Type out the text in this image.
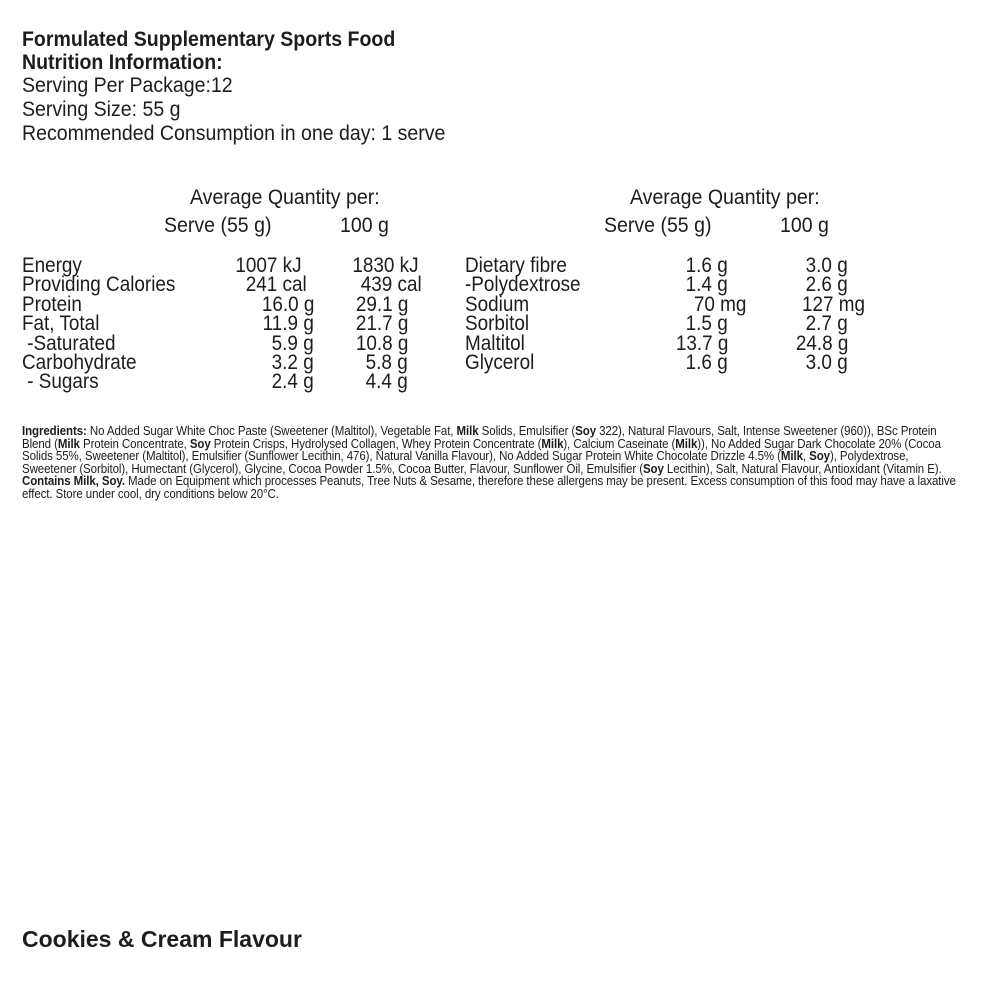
Formulated Supplementary Sports Food
Nutrition Information:
Serving Per Package:12
Serving Size: 55 g
Recommended Consumption in one day: 1 serve
Average Quantity per:
Serve (55 g)	100 g
Average Quantity per:
Serve (55 g)	100 g
Energy	1007 kJ 1830 kJ
Providing Calories	241 cal	439 cal
Protein	16.0 g 29.1 g
Fat, Total	11.9 g 21.7 g
-Saturated	5.9 g 10.8 g
Carbohydrate	3.2 g 5.8 g
- Sugars	2.4 g 4.4 g
Dietary fibre	1.6 g	3.0 g
-Polydextrose	1.4 g	2.6 g
Sodium	70 mg	127 mg
Sorbitol	1.5 g	2.7 g
Maltitol	13.7 g	24.8 g
Glycerol	1.6 g	3.0 g
Ingredients: No Added Sugar White Choc Paste (Sweetener (Maltitol), Vegetable Fat, Milk Solids, Emulsifier (Soy 322), Natural Flavours, Salt, Intense Sweetener (960)), BSc Protein Blend (Milk Protein Concentrate, Soy Protein Crisps, Hydrolysed Collagen, Whey Protein Concentrate (Milk), Calcium Caseinate (Milk)), No Added Sugar Dark Chocolate 20% (Cocoa Solids 55%, Sweetener (Maltitol), Emulsifier (Sunflower Lecithin, 476), Natural Vanilla Flavour), No Added Sugar Protein White Chocolate Drizzle 4.5% (Milk, Soy), Polydextrose, Sweetener (Sorbitol), Humectant (Glycerol), Glycine, Cocoa Powder 1.5%, Cocoa Butter, Flavour, Sunflower Oil, Emulsifier (Soy Lecithin), Salt, Natural Flavour, Antioxidant (Vitamin E). Contains Milk, Soy. Made on Equipment which processes Peanuts, Tree Nuts & Sesame, therefore these allergens may be present. Excess consumption of this food may have a laxative effect. Store under cool, dry conditions below 20°C.
Cookies & Cream Flavour
